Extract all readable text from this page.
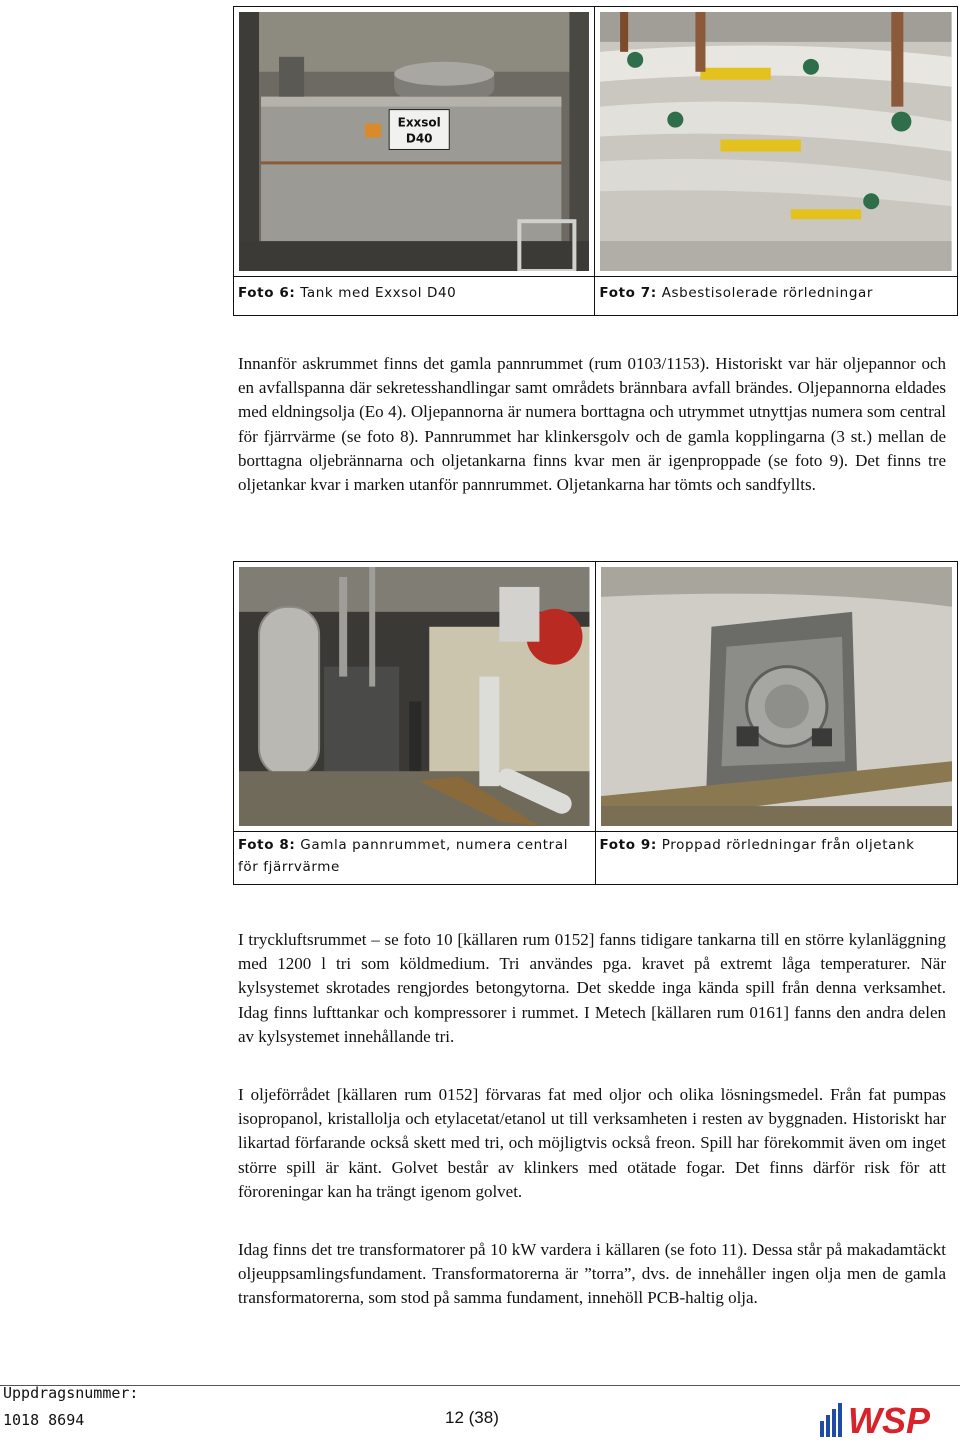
Exxsol
D40

Foto 6: Tank med Exxsol D40	Foto 7: Asbestisolerade rörledningar

Innanför askrummet finns det gamla pannrummet (rum 0103/1153). Historiskt var här oljepannor och en avfallspanna där sekretesshandlingar samt områdets brännbara avfall brändes. Oljepannorna eldades med eldningsolja (Eo 4). Oljepannorna är numera borttagna och utrymmet utnyttjas numera som central för fjärrvärme (se foto 8). Pannrummet har klinkersgolv och de gamla kopplingarna (3 st.) mellan de borttagna oljebrännarna och oljetankarna finns kvar men är igenproppade (se foto 9). Det finns tre oljetankar kvar i marken utanför pannrummet. Oljetankarna har tömts och sandfyllts.

Foto 8: Gamla pannrummet, numera central för fjärrvärme	Foto 9: Proppad rörledningar från oljetank

I tryckluftsrummet – se foto 10 [källaren rum 0152] fanns tidigare tankarna till en större kylanläggning med 1200 l tri som köldmedium. Tri användes pga. kravet på extremt låga temperaturer. När kylsystemet skrotades rengjordes betongytorna. Det skedde inga kända spill från denna verksamhet. Idag finns lufttankar och kompressorer i rummet. I Metech [källaren rum 0161] fanns den andra delen av kylsystemet innehållande tri.

I oljeförrådet [källaren rum 0152] förvaras fat med oljor och olika lösningsmedel. Från fat pumpas isopropanol, kristallolja och etylacetat/etanol ut till verksamheten i resten av byggnaden. Historiskt har likartad förfarande också skett med tri, och möjligtvis också freon. Spill har förekommit även om inget större spill är känt. Golvet består av klinkers med otätade fogar. Det finns därför risk för att föroreningar kan ha trängt igenom golvet.

Idag finns det tre transformatorer på 10 kW vardera i källaren (se foto 11). Dessa står på makadamtäckt oljeuppsamlingsfundament. Transformatorerna är ”torra”, dvs. de innehåller ingen olja men de gamla transformatorerna, som stod på samma fundament, innehöll PCB-haltig olja.

Uppdragsnummer:
1018 8694	12 (38)	WSP
